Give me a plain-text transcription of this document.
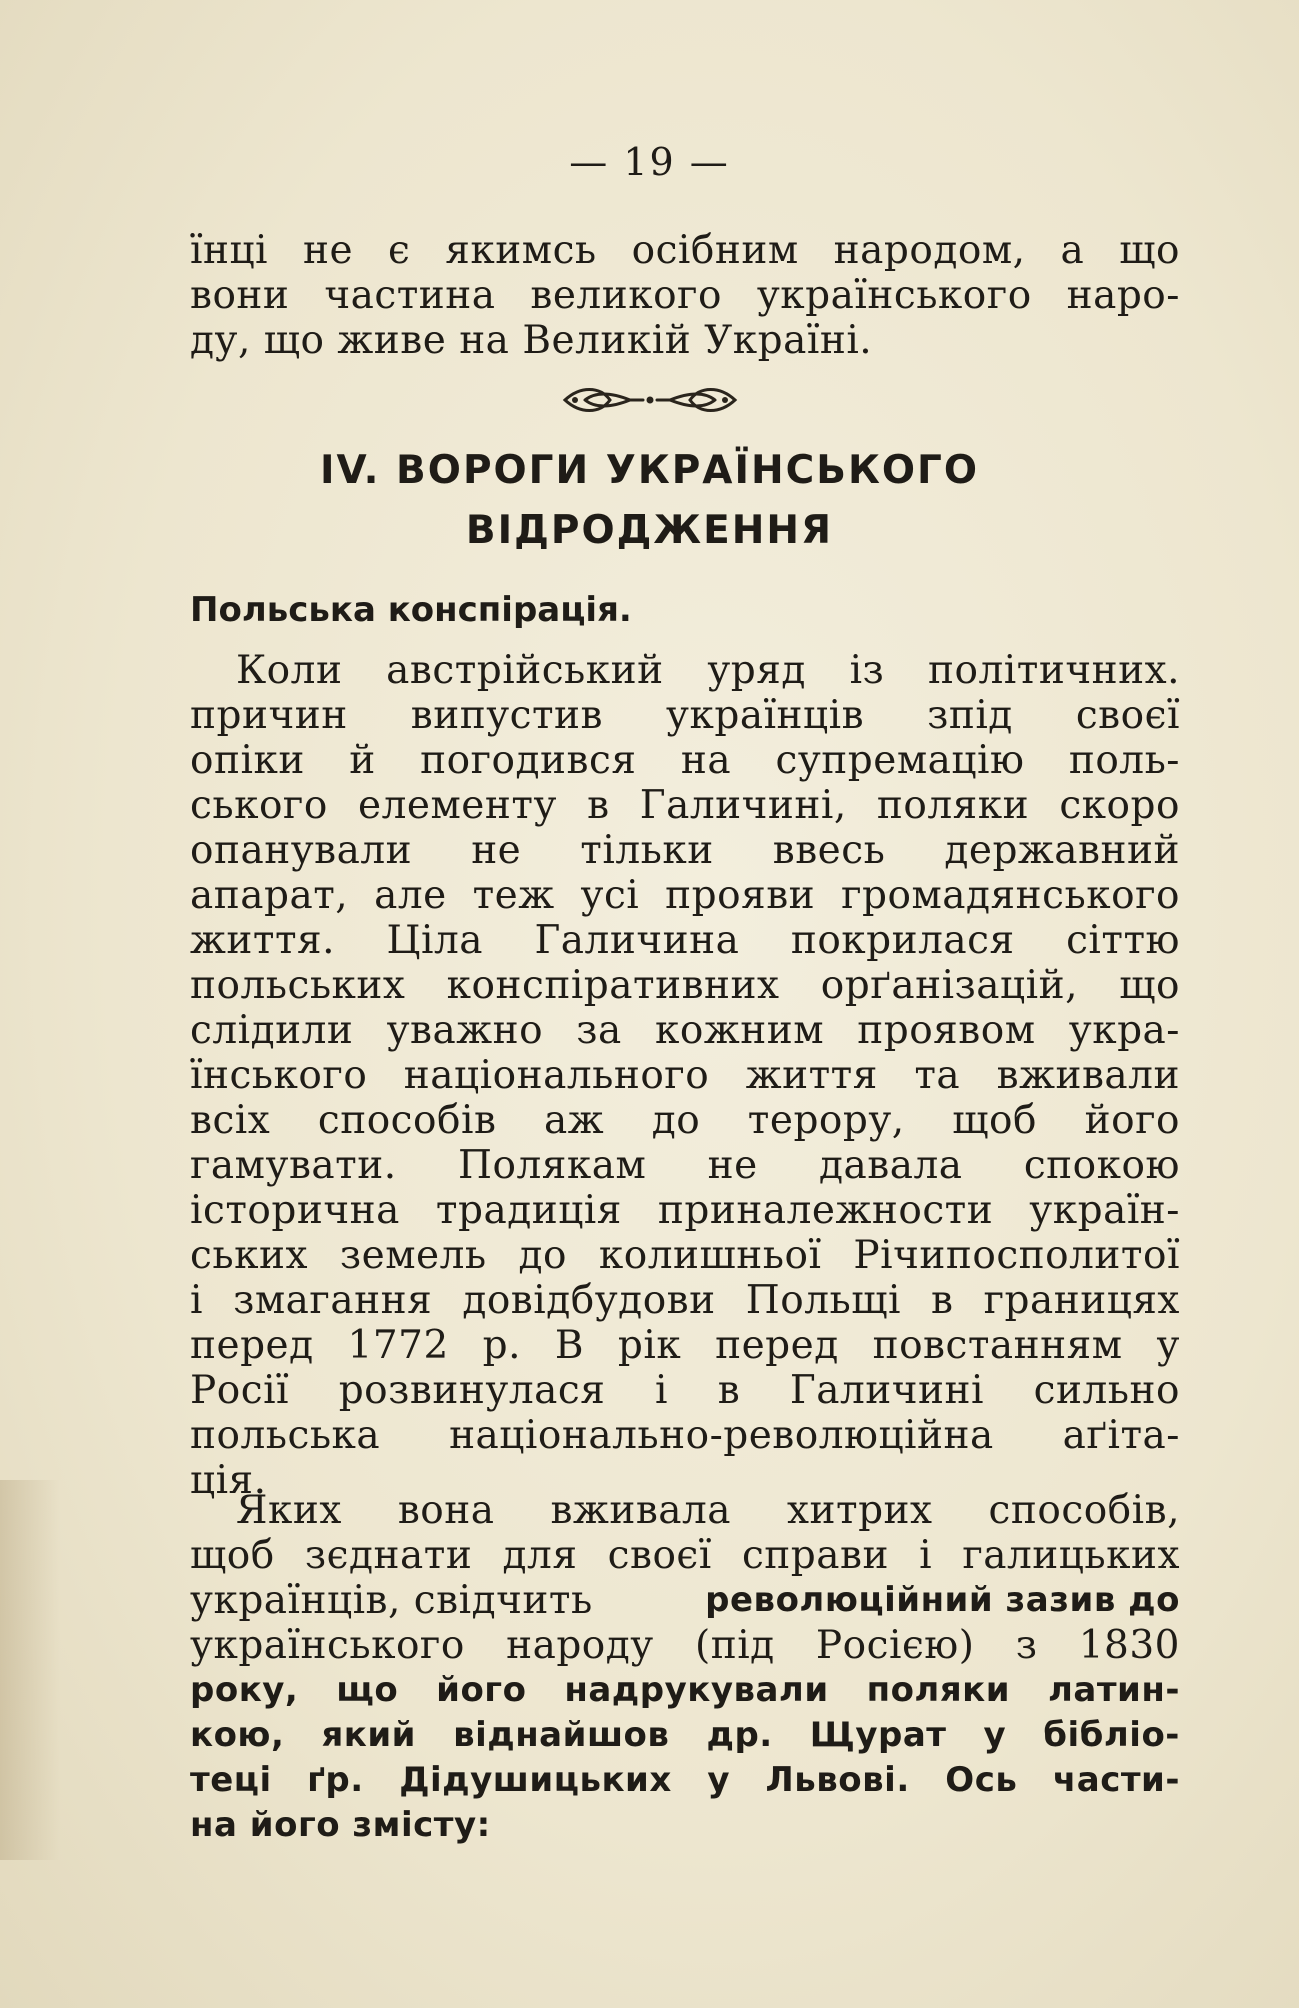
— 19 —
їнці не є якимсь осібним народом, а що
вони частина великого українського наро-
ду, що живе на Великій Україні.
IV. ВОРОГИ УКРАЇНСЬКОГО
ВІДРОДЖЕННЯ
Польська конспірація.
Коли австрійський уряд із політичних.
причин випустив українців зпід своєї
опіки й погодився на супремацію поль-
ського елементу в Галичині, поляки скоро
опанували не тільки ввесь державний
апарат, але теж усі прояви громадянського
життя. Ціла Галичина покрилася сіттю
польських конспіративних орґанізацій, що
слідили уважно за кожним проявом укра-
їнського національного життя та вживали
всіх способів аж до терору, щоб його
гамувати. Полякам не давала спокою
історична традиція приналежности україн-
ських земель до колишньої Річипосполитої
і змагання довідбудови Польщі в границях
перед 1772 р. В рік перед повстанням у
Росії розвинулася і в Галичині сильно
польська національно-революційна аґіта-
ція.
Яких вона вживала хитрих способів,
щоб зєднати для своєї справи і галицьких
українців, свідчить	революційний зазив до
українського народу (під Росією) з 1830
року, що його надрукували поляки латин-
кою, який віднайшов др. Щурат у бібліо-
теці ґр. Дідушицьких у Львові. Ось части-
на його змісту:
